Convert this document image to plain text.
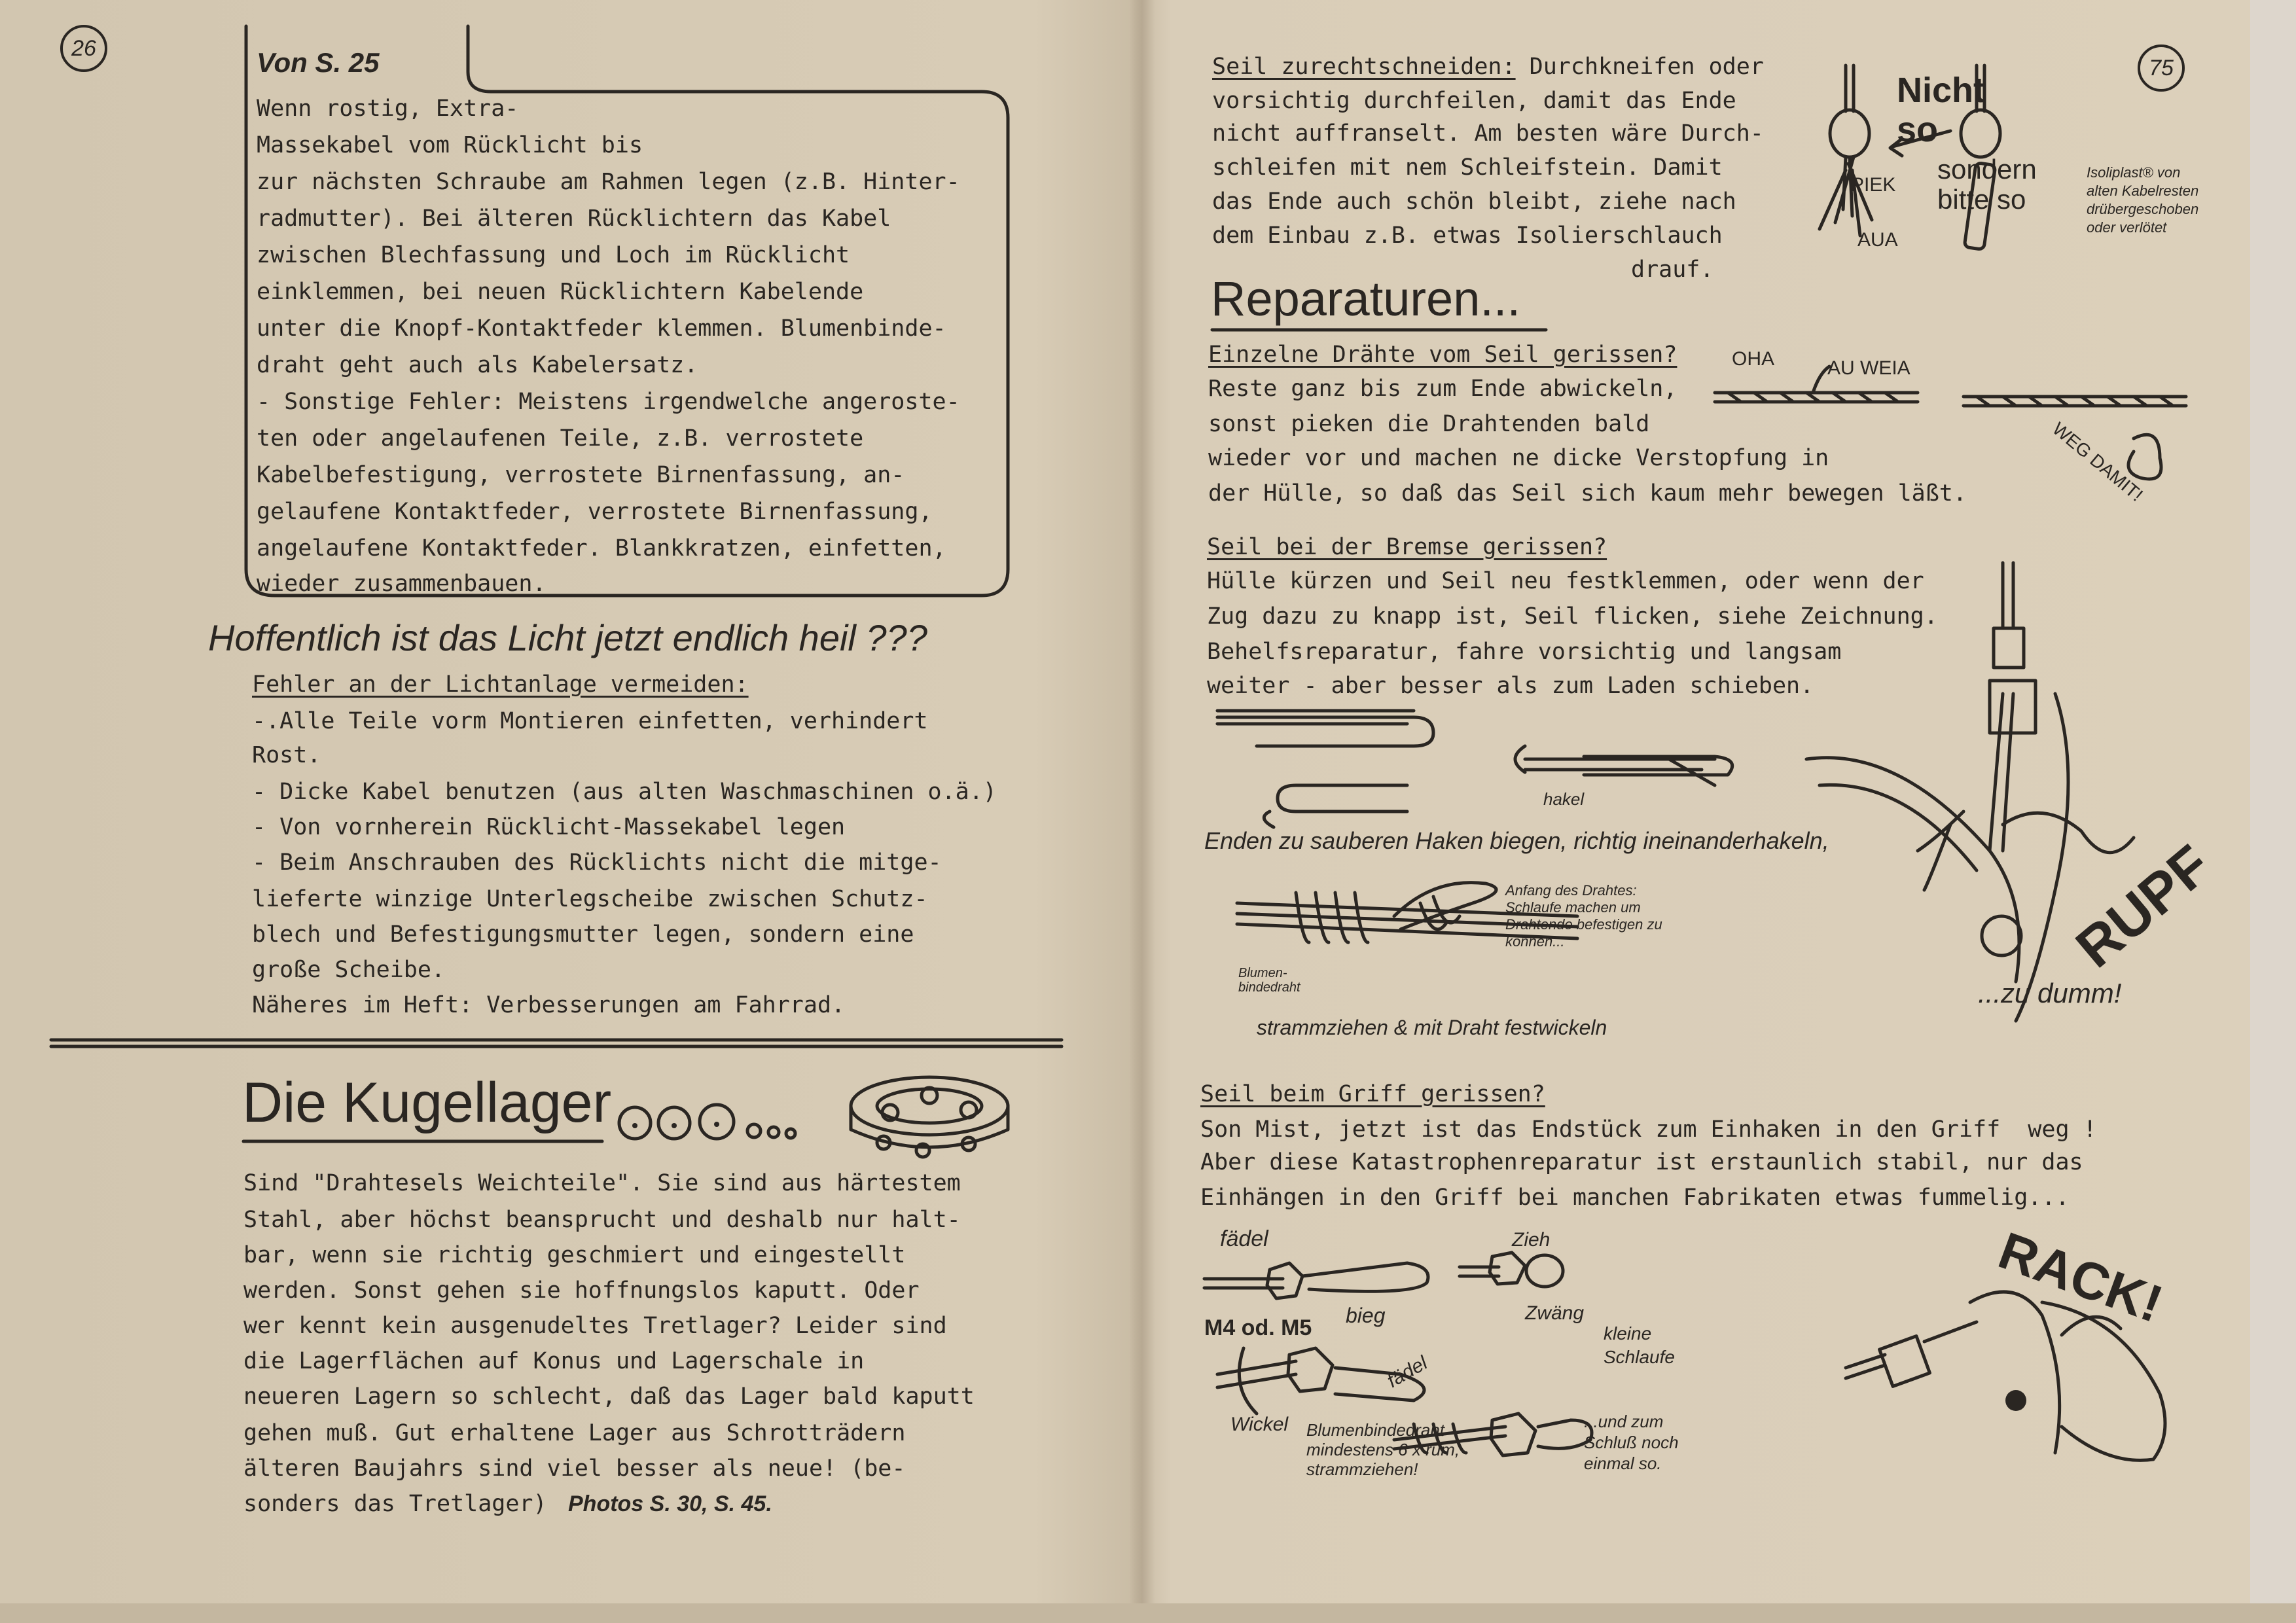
26	Von S. 25
Wenn rostig, Extra-
Massekabel vom Rücklicht bis
zur nächsten Schraube am Rahmen legen (z.B. Hinter-
radmutter). Bei älteren Rücklichtern das Kabel
zwischen Blechfassung und Loch im Rücklicht
einklemmen, bei neuen Rücklichtern Kabelende
unter die Knopf-Kontaktfeder klemmen. Blumenbinde-
draht geht auch als Kabelersatz.
- Sonstige Fehler: Meistens irgendwelche angeroste-
ten oder angelaufenen Teile, z.B. verrostete
Kabelbefestigung, verrostete Birnenfassung, an-
gelaufene Kontaktfeder, verrostete Birnenfassung,
angelaufene Kontaktfeder. Blankkratzen, einfetten,
wieder zusammenbauen.
Hoffentlich ist das Licht jetzt endlich heil ???
Fehler an der Lichtanlage vermeiden:
-.Alle Teile vorm Montieren einfetten, verhindert
Rost.
- Dicke Kabel benutzen (aus alten Waschmaschinen o.ä.)
- Von vornherein Rücklicht-Massekabel legen
- Beim Anschrauben des Rücklichts nicht die mitge-
lieferte winzige Unterlegscheibe zwischen Schutz-
blech und Befestigungsmutter legen, sondern eine
große Scheibe.
Näheres im Heft: Verbesserungen am Fahrrad.
Die Kugellager
Sind "Drahtesels Weichteile". Sie sind aus härtestem
Stahl, aber höchst beansprucht und deshalb nur halt-
bar, wenn sie richtig geschmiert und eingestellt
werden. Sonst gehen sie hoffnungslos kaputt. Oder
wer kennt kein ausgenudeltes Tretlager? Leider sind
die Lagerflächen auf Konus und Lagerschale in
neueren Lagern so schlecht, daß das Lager bald kaputt
gehen muß. Gut erhaltene Lager aus Schrotträdern
älteren Baujahrs sind viel besser als neue! (be-
sonders das Tretlager) Photos S. 30, S. 45.
75
Seil zurechtschneiden: Durchkneifen oder
vorsichtig durchfeilen, damit das Ende
nicht auffranselt. Am besten wäre Durch-
schleifen mit nem Schleifstein. Damit
das Ende auch schön bleibt, ziehe nach
dem Einbau z.B. etwas Isolierschlauch
drauf.
Nicht so
sondern bitte so
PIEK
AUA
Isoliplast® von alten Kabelresten drübergeschoben oder verlötet
Reparaturen...
Einzelne Drähte vom Seil gerissen?
Reste ganz bis zum Ende abwickeln,
sonst pieken die Drahtenden bald
wieder vor und machen ne dicke Verstopfung in
der Hülle, so daß das Seil sich kaum mehr bewegen läßt.
OHA	AU WEIA
WEG DAMIT!
Seil bei der Bremse gerissen?
Hülle kürzen und Seil neu festklemmen, oder wenn der
Zug dazu zu knapp ist, Seil flicken, siehe Zeichnung.
Behelfsreparatur, fahre vorsichtig und langsam
weiter - aber besser als zum Laden schieben.
hakel
Enden zu sauberen Haken biegen, richtig ineinanderhakeln,
Anfang des Drahtes: Schlaufe machen um Drahtende befestigen zu können...
Blumen-bindedraht
strammziehen & mit Draht festwickeln
RUPF
...zu dumm!
Seil beim Griff gerissen?
Son Mist, jetzt ist das Endstück zum Einhaken in den Griff  weg !
Aber diese Katastrophenreparatur ist erstaunlich stabil, nur das
Einhängen in den Griff bei manchen Fabrikaten etwas fummelig...
fädel
bieg
M4 od. M5
Zieh
Zwäng
kleine Schlaufe
fädel
Wickel Blumenbindedraht mindestens 6 x rum, strammziehen!
...und zum Schluß noch einmal so.
RACK!
